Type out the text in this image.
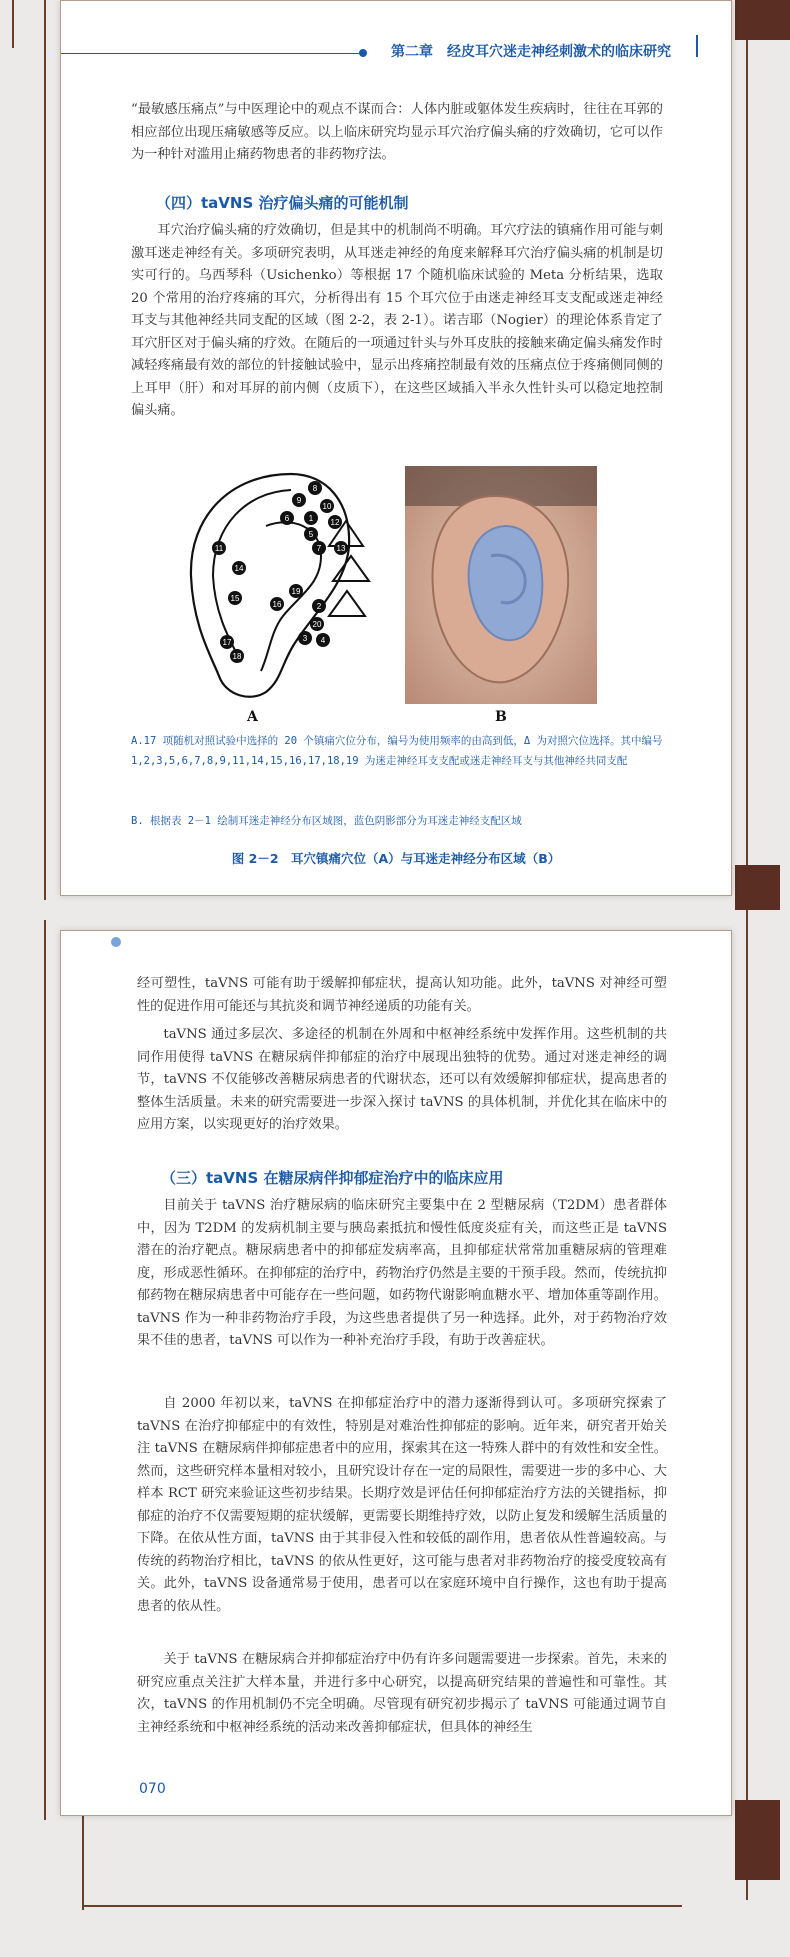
第二章　经皮耳穴迷走神经刺激术的临床研究

“最敏感压痛点”与中医理论中的观点不谋而合：人体内脏或躯体发生疾病时，往往在耳郭的相应部位出现压痛敏感等反应。以上临床研究均显示耳穴治疗偏头痛的疗效确切，它可以作为一种针对滥用止痛药物患者的非药物疗法。

（四）taVNS 治疗偏头痛的可能机制

耳穴治疗偏头痛的疗效确切，但是其中的机制尚不明确。耳穴疗法的镇痛作用可能与刺激耳迷走神经有关。多项研究表明，从耳迷走神经的角度来解释耳穴治疗偏头痛的机制是切实可行的。乌西琴科（Usichenko）等根据 17 个随机临床试验的 Meta 分析结果，选取 20 个常用的治疗疼痛的耳穴，分析得出有 15 个耳穴位于由迷走神经耳支支配或迷走神经耳支与其他神经共同支配的区域（图 2-2，表 2-1）。诺吉耶（Nogier）的理论体系肯定了耳穴肝区对于偏头痛的疗效。在随后的一项通过针头与外耳皮肤的接触来确定偏头痛发作时减轻疼痛最有效的部位的针接触试验中，显示出疼痛控制最有效的压痛点位于疼痛侧同侧的上耳甲（肝）和对耳屏的前内侧（皮质下），在这些区域插入半永久性针头可以稳定地控制偏头痛。

8
9
10
1
6	12
5
7 13
11
14
19
16	2
15
20
3 4
17
18
A	B
A.17 项随机对照试验中选择的 20 个镇痛穴位分布，编号为使用频率的由高到低，Δ 为对照穴位选择。其中编号 1,2,3,5,6,7,8,9,11,14,15,16,17,18,19 为迷走神经耳支支配或迷走神经耳支与其他神经共同支配
B. 根据表 2－1 绘制耳迷走神经分布区域图，蓝色阴影部分为耳迷走神经支配区域
图 2－2　耳穴镇痛穴位（A）与耳迷走神经分布区域（B）

经可塑性，taVNS 可能有助于缓解抑郁症状，提高认知功能。此外，taVNS 对神经可塑性的促进作用可能还与其抗炎和调节神经递质的功能有关。

taVNS 通过多层次、多途径的机制在外周和中枢神经系统中发挥作用。这些机制的共同作用使得 taVNS 在糖尿病伴抑郁症的治疗中展现出独特的优势。通过对迷走神经的调节，taVNS 不仅能够改善糖尿病患者的代谢状态，还可以有效缓解抑郁症状，提高患者的整体生活质量。未来的研究需要进一步深入探讨 taVNS 的具体机制，并优化其在临床中的应用方案，以实现更好的治疗效果。

（三）taVNS 在糖尿病伴抑郁症治疗中的临床应用

目前关于 taVNS 治疗糖尿病的临床研究主要集中在 2 型糖尿病（T2DM）患者群体中，因为 T2DM 的发病机制主要与胰岛素抵抗和慢性低度炎症有关，而这些正是 taVNS 潜在的治疗靶点。糖尿病患者中的抑郁症发病率高，且抑郁症状常常加重糖尿病的管理难度，形成恶性循环。在抑郁症的治疗中，药物治疗仍然是主要的干预手段。然而，传统抗抑郁药物在糖尿病患者中可能存在一些问题，如药物代谢影响血糖水平、增加体重等副作用。taVNS 作为一种非药物治疗手段，为这些患者提供了另一种选择。此外，对于药物治疗效果不佳的患者，taVNS 可以作为一种补充治疗手段，有助于改善症状。

自 2000 年初以来，taVNS 在抑郁症治疗中的潜力逐渐得到认可。多项研究探索了 taVNS 在治疗抑郁症中的有效性，特别是对难治性抑郁症的影响。近年来，研究者开始关注 taVNS 在糖尿病伴抑郁症患者中的应用，探索其在这一特殊人群中的有效性和安全性。然而，这些研究样本量相对较小，且研究设计存在一定的局限性，需要进一步的多中心、大样本 RCT 研究来验证这些初步结果。长期疗效是评估任何抑郁症治疗方法的关键指标，抑郁症的治疗不仅需要短期的症状缓解，更需要长期维持疗效，以防止复发和缓解生活质量的下降。在依从性方面，taVNS 由于其非侵入性和较低的副作用，患者依从性普遍较高。与传统的药物治疗相比，taVNS 的依从性更好，这可能与患者对非药物治疗的接受度较高有关。此外，taVNS 设备通常易于使用，患者可以在家庭环境中自行操作，这也有助于提高患者的依从性。

关于 taVNS 在糖尿病合并抑郁症治疗中仍有许多问题需要进一步探索。首先，未来的研究应重点关注扩大样本量，并进行多中心研究，以提高研究结果的普遍性和可靠性。其次，taVNS 的作用机制仍不完全明确。尽管现有研究初步揭示了 taVNS 可能通过调节自主神经系统和中枢神经系统的活动来改善抑郁症状，但具体的神经生

070
